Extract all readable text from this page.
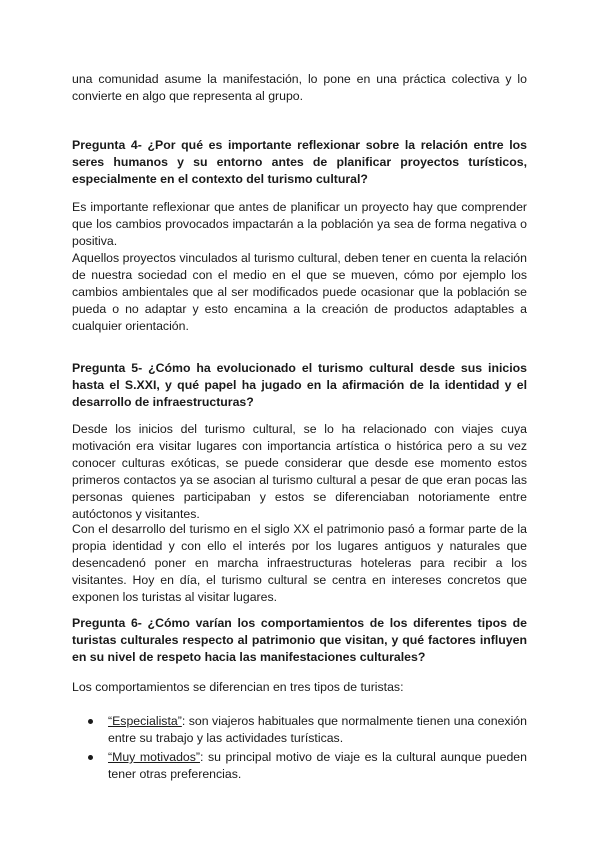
una comunidad asume la manifestación, lo pone en una práctica colectiva y lo convierte en algo que representa al grupo.

Pregunta 4- ¿Por qué es importante reflexionar sobre la relación entre los seres humanos y su entorno antes de planificar proyectos turísticos, especialmente en el contexto del turismo cultural?

Es importante reflexionar que antes de planificar un proyecto hay que comprender que los cambios provocados impactarán a la población ya sea de forma negativa o positiva.

Aquellos proyectos vinculados al turismo cultural, deben tener en cuenta la relación de nuestra sociedad con el medio en el que se mueven, cómo por ejemplo los cambios ambientales que al ser modificados puede ocasionar que la población se pueda o no adaptar y esto encamina a la creación de productos adaptables a cualquier orientación.

Pregunta 5- ¿Cómo ha evolucionado el turismo cultural desde sus inicios hasta el S.XXI, y qué papel ha jugado en la afirmación de la identidad y el desarrollo de infraestructuras?

Desde los inicios del turismo cultural, se lo ha relacionado con viajes cuya motivación era visitar lugares con importancia artística o histórica pero a su vez conocer culturas exóticas, se puede considerar que desde ese momento estos primeros contactos ya se asocian al turismo cultural a pesar de que eran pocas las personas quienes participaban y estos se diferenciaban notoriamente entre autóctonos y visitantes.

Con el desarrollo del turismo en el siglo XX el patrimonio pasó a formar parte de la propia identidad y con ello el interés por los lugares antiguos y naturales que desencadenó poner en marcha infraestructuras hoteleras para recibir a los visitantes. Hoy en día, el turismo cultural se centra en intereses concretos que exponen los turistas al visitar lugares.

Pregunta 6- ¿Cómo varían los comportamientos de los diferentes tipos de turistas culturales respecto al patrimonio que visitan, y qué factores influyen en su nivel de respeto hacia las manifestaciones culturales?

Los comportamientos se diferencian en tres tipos de turistas:

“Especialista”: son viajeros habituales que normalmente tienen una conexión entre su trabajo y las actividades turísticas.
“Muy motivados”: su principal motivo de viaje es la cultural aunque pueden tener otras preferencias.
